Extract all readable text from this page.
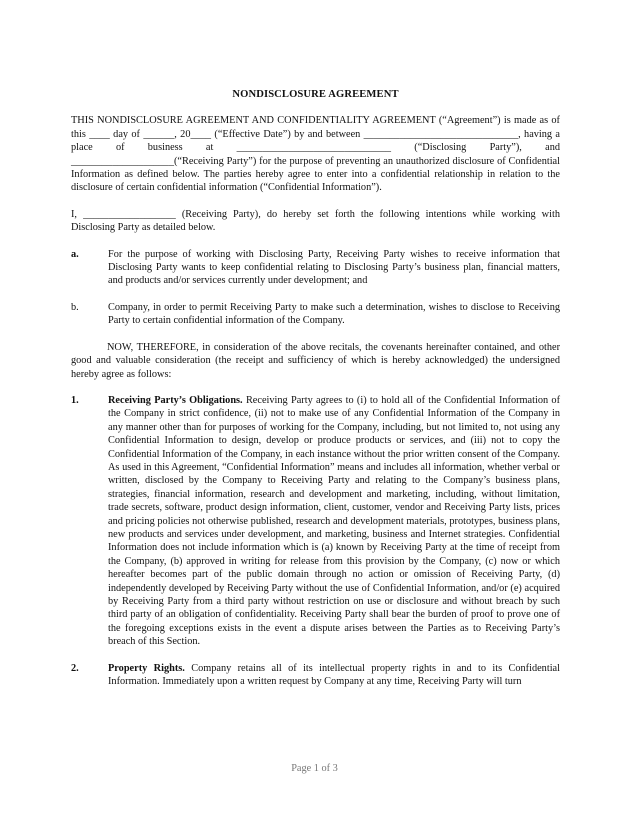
NONDISCLOSURE AGREEMENT

THIS NONDISCLOSURE AGREEMENT AND CONFIDENTIALITY AGREEMENT (“Agreement”) is made as of this ____ day of ______, 20____ (“Effective Date”) by and between ______________________________, having a place of business at ______________________________ (“Disclosing Party”), and ____________________(“Receiving Party”) for the purpose of preventing an unauthorized disclosure of Confidential Information as defined below. The parties hereby agree to enter into a confidential relationship in relation to the disclosure of certain confidential information (“Confidential Information”).

I, __________________ (Receiving Party), do hereby set forth the following intentions while working with Disclosing Party as detailed below.

a.	For the purpose of working with Disclosing Party, Receiving Party wishes to receive information that Disclosing Party wants to keep confidential relating to Disclosing Party’s business plan, financial matters, and products and/or services currently under development; and
b.	Company, in order to permit Receiving Party to make such a determination, wishes to disclose to Receiving Party to certain confidential information of the Company.

NOW, THEREFORE, in consideration of the above recitals, the covenants hereinafter contained, and other good and valuable consideration (the receipt and sufficiency of which is hereby acknowledged) the undersigned hereby agree as follows:

1.	Receiving Party’s Obligations. Receiving Party agrees to (i) to hold all of the Confidential Information of the Company in strict confidence, (ii) not to make use of any Confidential Information of the Company in any manner other than for purposes of working for the Company, including, but not limited to, not using any Confidential Information to design, develop or produce products or services, and (iii) not to copy the Confidential Information of the Company, in each instance without the prior written consent of the Company. As used in this Agreement, “Confidential Information” means and includes all information, whether verbal or written, disclosed by the Company to Receiving Party and relating to the Company’s business plans, strategies, financial information, research and development and marketing, including, without limitation, trade secrets, software, product design information, client, customer, vendor and Receiving Party lists, prices and pricing policies not otherwise published, research and development materials, prototypes, business plans, new products and services under development, and marketing, business and Internet strategies. Confidential Information does not include information which is (a) known by Receiving Party at the time of receipt from the Company, (b) approved in writing for release from this provision by the Company, (c) now or which hereafter becomes part of the public domain through no action or omission of Receiving Party, (d) independently developed by Receiving Party without the use of Confidential Information, and/or (e) acquired by Receiving Party from a third party without restriction on use or disclosure and without breach by such third party of an obligation of confidentiality. Receiving Party shall bear the burden of proof to prove one of the foregoing exceptions exists in the event a dispute arises between the Parties as to Receiving Party’s breach of this Section.
2.	Property Rights. Company retains all of its intellectual property rights in and to its Confidential Information. Immediately upon a written request by Company at any time, Receiving Party will turn
Page 1 of 3
